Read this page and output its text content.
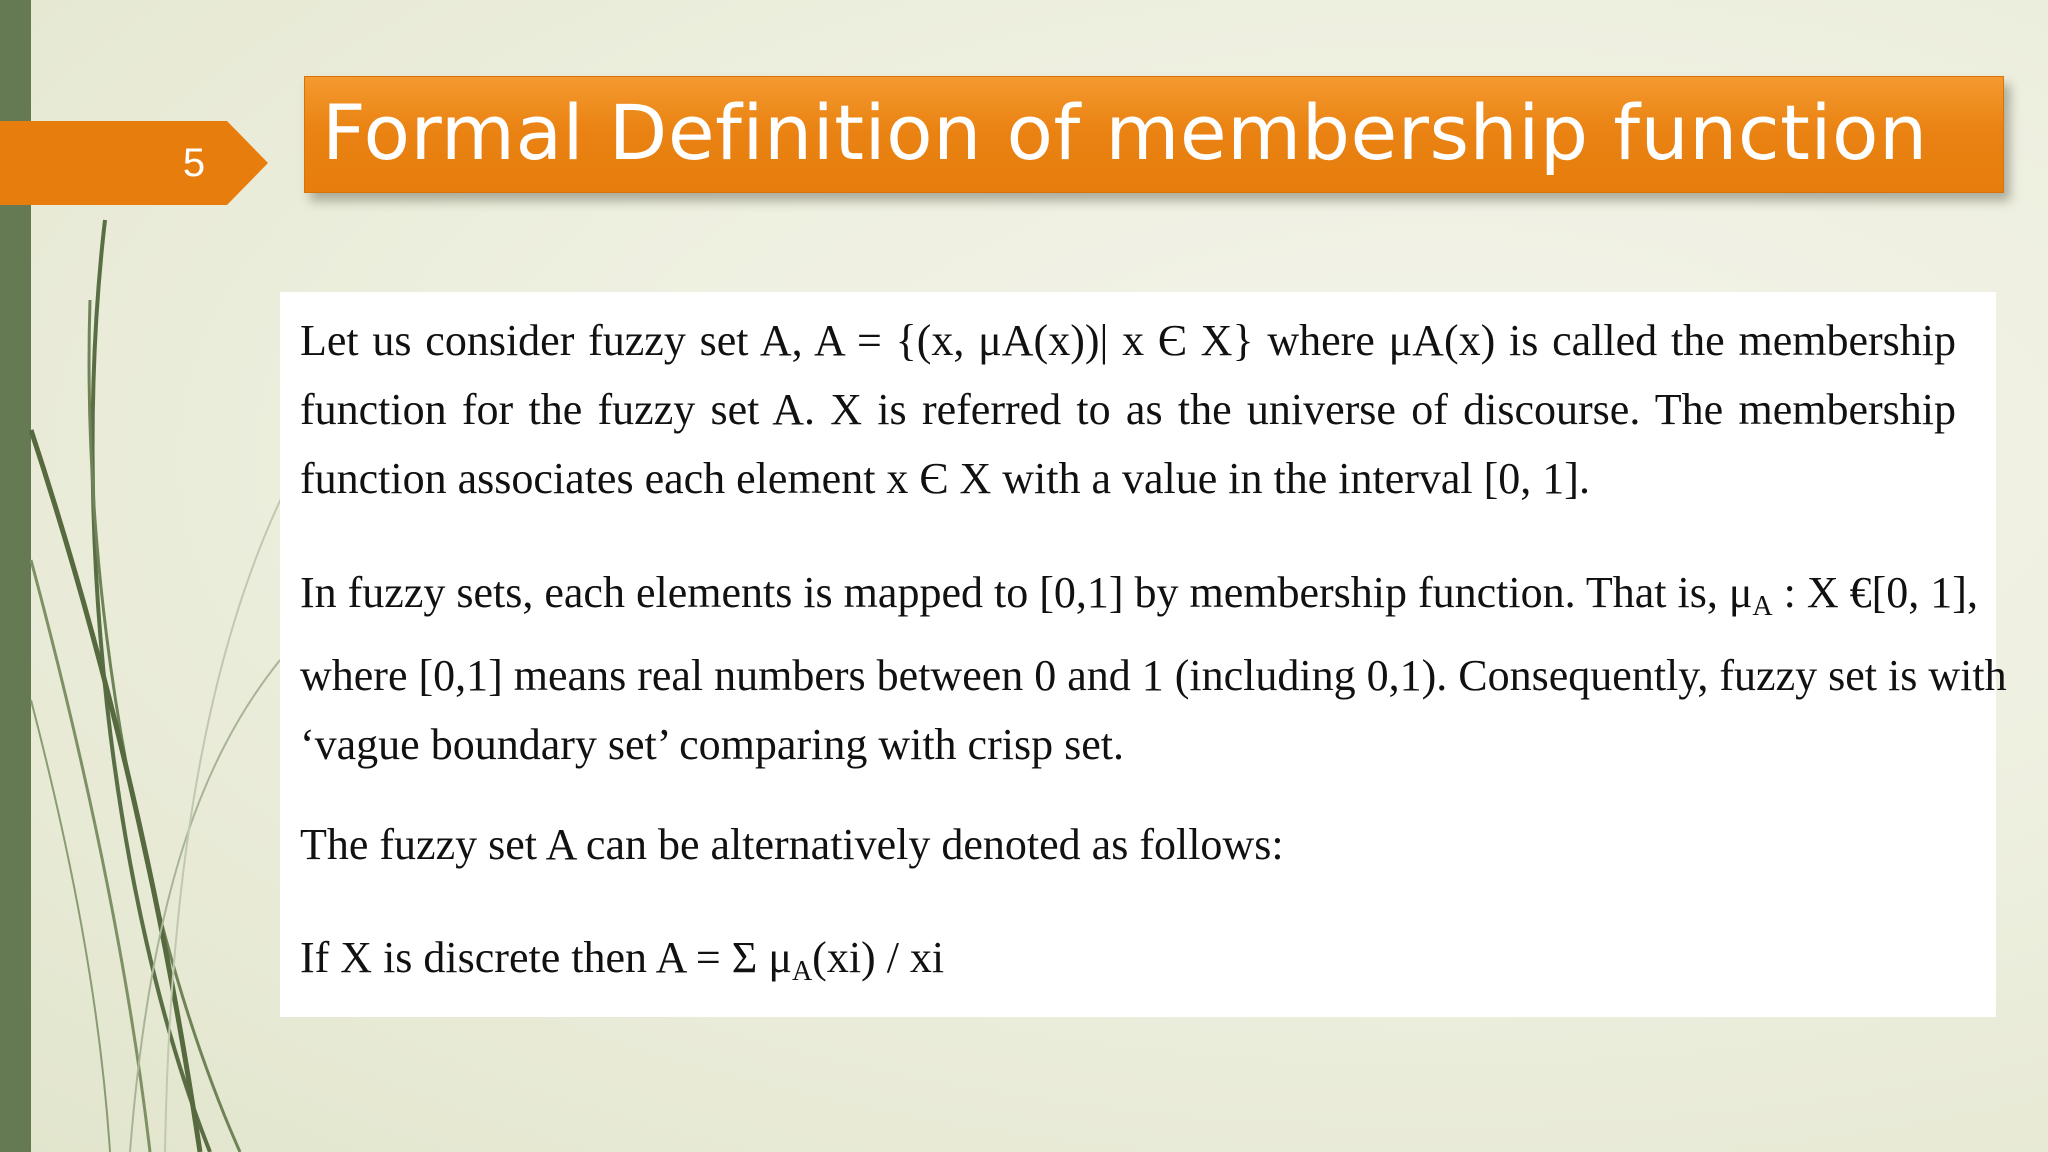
5 Formal Definition of membership function

Let us consider fuzzy set A, A = {(x, μA(x))| x Є X} where μA(x) is called the membership function for the fuzzy set A. X is referred to as the universe of discourse. The membership function associates each element x Є X with a value in the interval [0, 1].

In fuzzy sets, each elements is mapped to [0,1] by membership function. That is, $\mu_A$ : X €[0, 1], where [0,1] means real numbers between 0 and 1 (including 0,1). Consequently, fuzzy set is with ‘vague boundary set’ comparing with crisp set.

The fuzzy set A can be alternatively denoted as follows:

If X is discrete then A = Σ $\mu_A(xi)$ / xi
